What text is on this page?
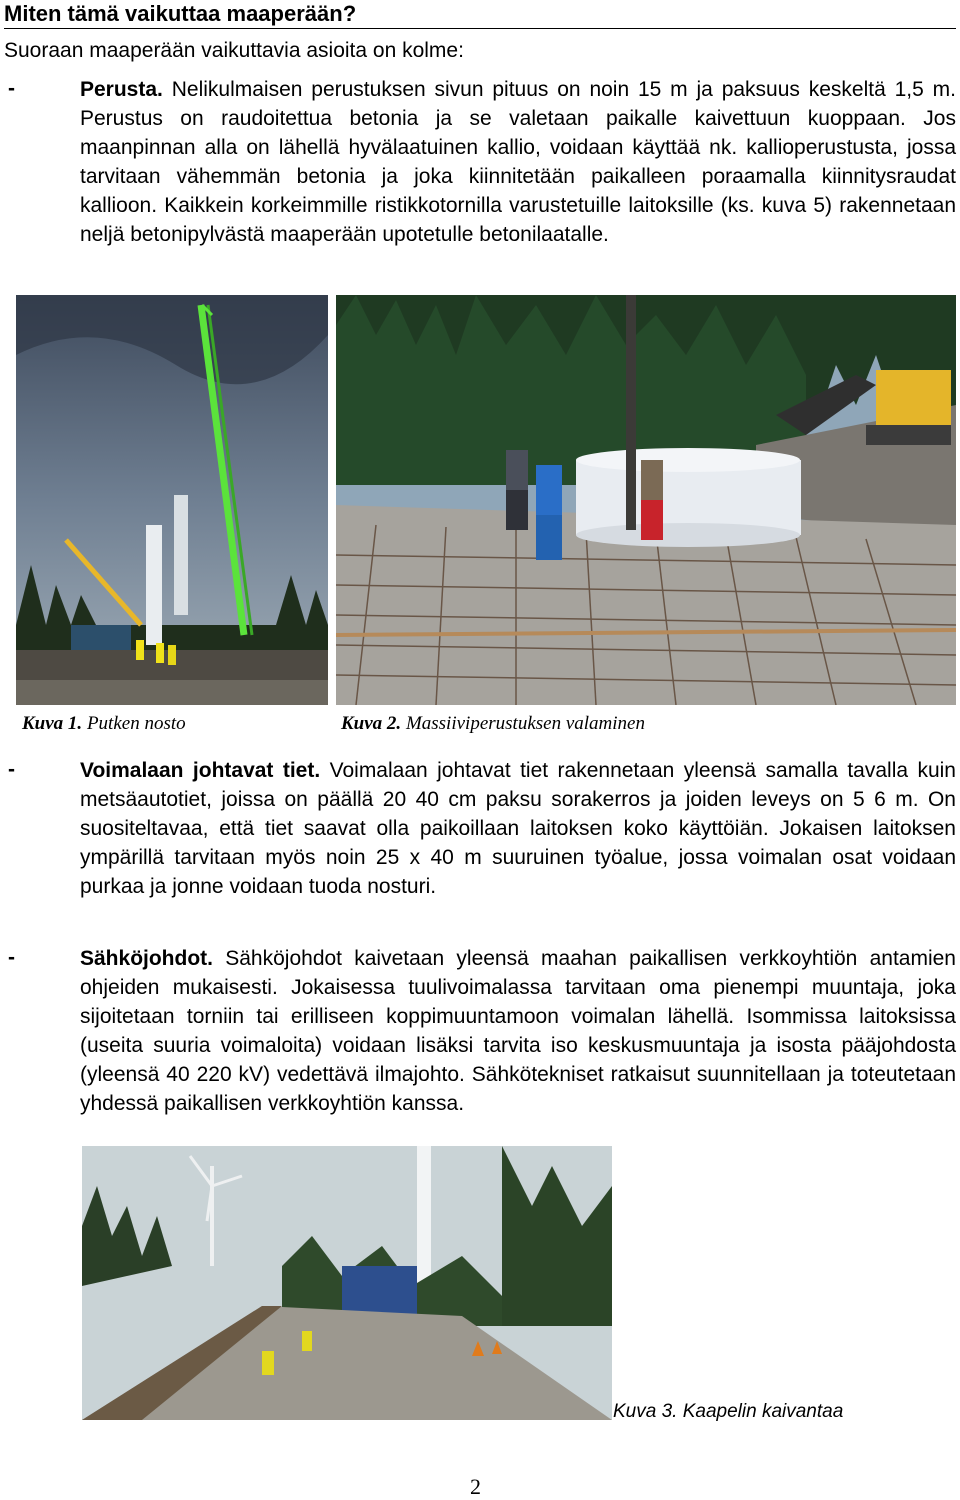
Miten tämä vaikuttaa maaperään?

Suoraan maaperään vaikuttavia asioita on kolme:

-	Perusta. Nelikulmaisen perustuksen sivun pituus on noin 15 m ja paksuus keskeltä 1,5 m. Perustus on raudoitettua betonia ja se valetaan paikalle kaivettuun kuoppaan. Jos maanpinnan alla on lähellä hyvälaatuinen kallio, voidaan käyttää nk. kallioperustusta, jossa tarvitaan vähemmän betonia ja joka kiinnitetään paikalleen poraamalla kiinnitysraudat kallioon. Kaikkein korkeimmille ristikkotornilla varustetuille laitoksille (ks. kuva 5) rakennetaan neljä betonipylvästä maaperään upotetulle betonilaatalle.

Kuva 1. Putken nosto	Kuva 2. Massiiviperustuksen valaminen
-	Voimalaan johtavat tiet. Voimalaan johtavat tiet rakennetaan yleensä samalla tavalla kuin metsäautotiet, joissa on päällä 20 40 cm paksu sorakerros ja joiden leveys on 5 6 m. On suositeltavaa, että tiet saavat olla paikoillaan laitoksen koko käyttöiän. Jokaisen laitoksen ympärillä tarvitaan myös noin 25 x 40 m suuruinen työalue, jossa voimalan osat voidaan purkaa ja jonne voidaan tuoda nosturi.

-	Sähköjohdot. Sähköjohdot kaivetaan yleensä maahan paikallisen verkkoyhtiön antamien ohjeiden mukaisesti. Jokaisessa tuulivoimalassa tarvitaan oma pienempi muuntaja, joka sijoitetaan torniin tai erilliseen koppimuuntamoon voimalan lähellä. Isommissa laitoksissa (useita suuria voimaloita) voidaan lisäksi tarvita iso keskusmuuntaja ja isosta pääjohdosta (yleensä 40 220 kV) vedettävä ilmajohto. Sähkötekniset ratkaisut suunnitellaan ja toteutetaan yhdessä paikallisen verkkoyhtiön kanssa.

Kuva 3. Kaapelin kaivantaa
2
